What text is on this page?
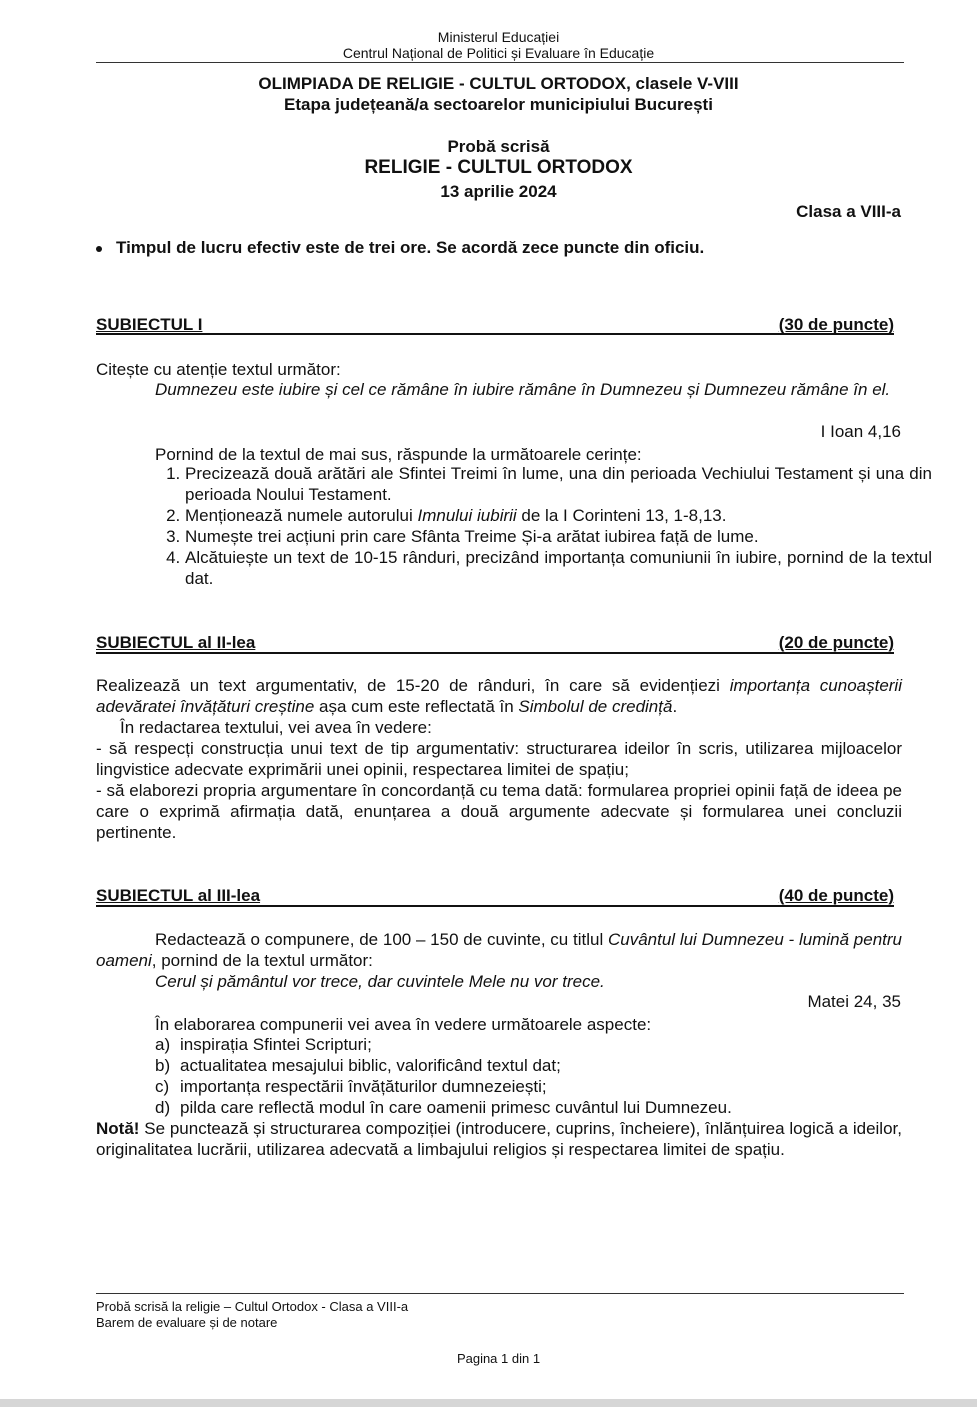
Ministerul Educației
Centrul Național de Politici și Evaluare în Educație
OLIMPIADA DE RELIGIE - CULTUL ORTODOX, clasele V-VIII
Etapa județeană/a sectoarelor municipiului București
Probă scrisă
RELIGIE - CULTUL ORTODOX
13 aprilie 2024
Clasa a VIII-a
Timpul de lucru efectiv este de trei ore. Se acordă zece puncte din oficiu.
SUBIECTUL I	(30 de puncte)
Citește cu atenție textul următor:
Dumnezeu este iubire și cel ce rămâne în iubire rămâne în Dumnezeu și Dumnezeu rămâne în el.
I Ioan 4,16
Pornind de la textul de mai sus, răspunde la următoarele cerințe:
1. Precizează două arătări ale Sfintei Treimi în lume, una din perioada Vechiului Testament și una din perioada Noului Testament.
2. Menționează numele autorului Imnului iubirii de la I Corinteni 13, 1-8,13.
3. Numește trei acțiuni prin care Sfânta Treime Și-a arătat iubirea față de lume.
4. Alcătuiește un text de 10-15 rânduri, precizând importanța comuniunii în iubire, pornind de la textul dat.
SUBIECTUL al II-lea	(20 de puncte)
Realizează un text argumentativ, de 15-20 de rânduri, în care să evidențiezi importanța cunoașterii adevăratei învățături creștine așa cum este reflectată în Simbolul de credință.
În redactarea textului, vei avea în vedere:
- să respecți construcția unui text de tip argumentativ: structurarea ideilor în scris, utilizarea mijloacelor lingvistice adecvate exprimării unei opinii, respectarea limitei de spațiu;
- să elaborezi propria argumentare în concordanță cu tema dată: formularea propriei opinii față de ideea pe care o exprimă afirmația dată, enunțarea a două argumente adecvate și formularea unei concluzii pertinente.
SUBIECTUL al III-lea	(40 de puncte)
Redactează o compunere, de 100 – 150 de cuvinte, cu titlul Cuvântul lui Dumnezeu - lumină pentru oameni, pornind de la textul următor:
Cerul și pământul vor trece, dar cuvintele Mele nu vor trece.
Matei 24, 35
În elaborarea compunerii vei avea în vedere următoarele aspecte:
a) inspirația Sfintei Scripturi;
b) actualitatea mesajului biblic, valorificând textul dat;
c) importanța respectării învățăturilor dumnezeiești;
d) pilda care reflectă modul în care oamenii primesc cuvântul lui Dumnezeu.
Notă! Se punctează și structurarea compoziției (introducere, cuprins, încheiere), înlănțuirea logică a ideilor, originalitatea lucrării, utilizarea adecvată a limbajului religios și respectarea limitei de spațiu.
Probă scrisă la religie – Cultul Ortodox - Clasa a VIII-a
Barem de evaluare și de notare
Pagina 1 din 1
